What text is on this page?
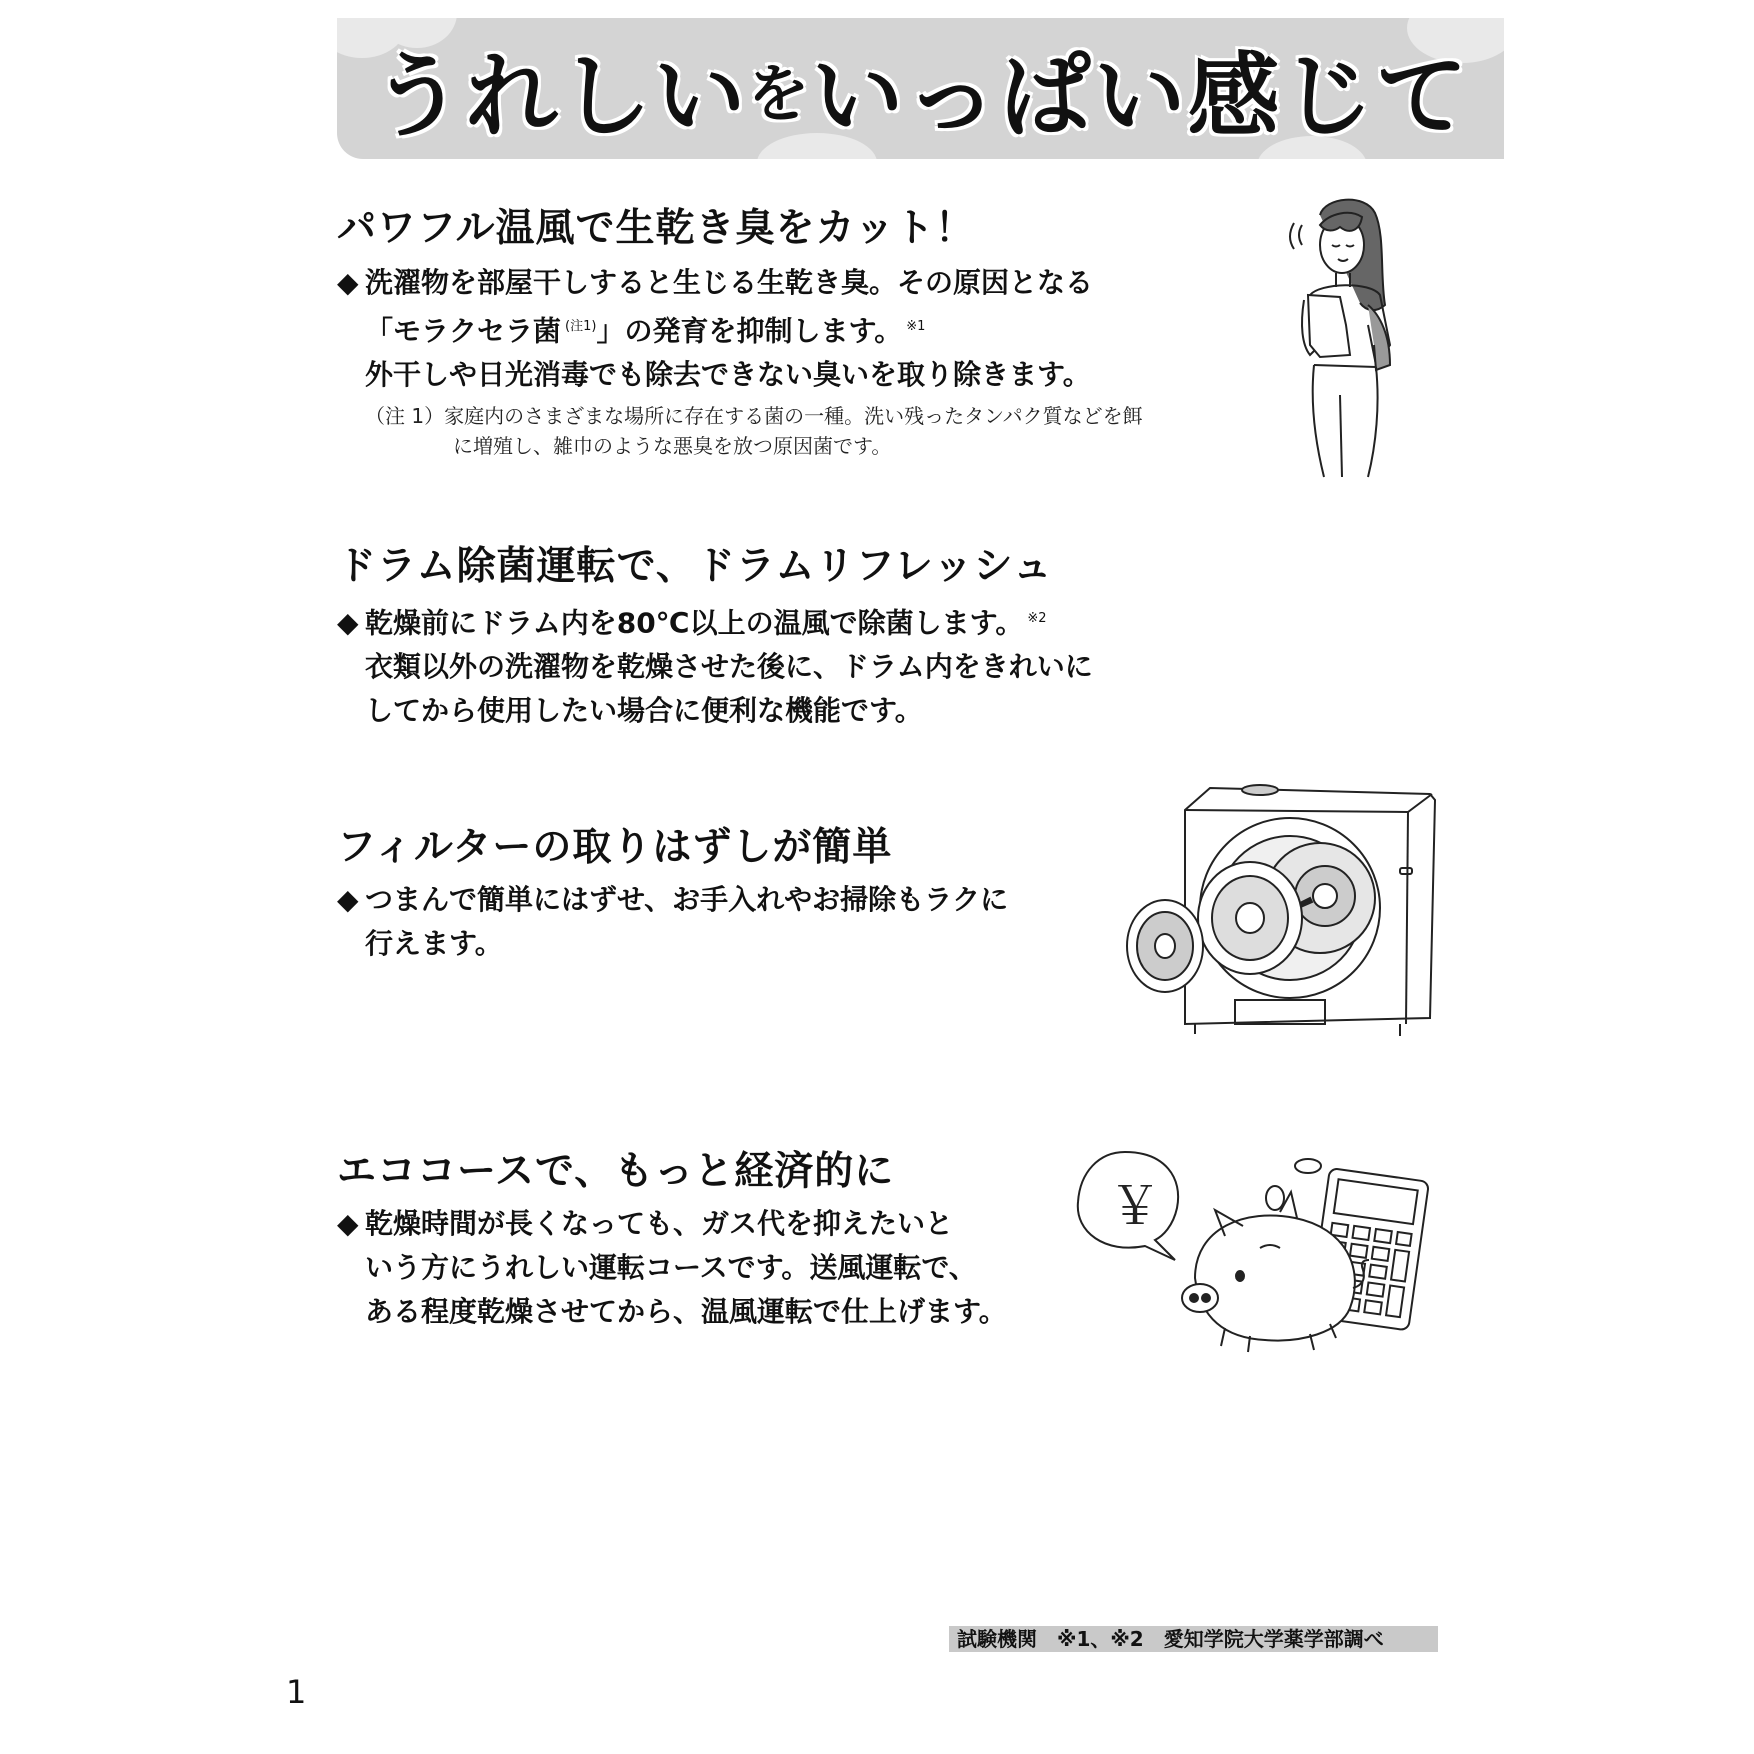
うれしい を いっぱい感じて
パワフル温風で生乾き臭をカット！
◆ 洗濯物を部屋干しすると生じる生乾き臭。その原因となる
「モラクセラ菌 $^{(注1)}$」の発育を抑制します。 $^{※1}$
外干しや日光消毒でも除去できない臭いを取り除きます。
（注 1）家庭内のさまざまな場所に存在する菌の一種。洗い残ったタンパク質などを餌
に増殖し、雑巾のような悪臭を放つ原因菌です。
ドラム除菌運転で、ドラムリフレッシュ
◆ 乾燥前にドラム内を80℃以上の温風で除菌します。 $^{※2}$
衣類以外の洗濯物を乾燥させた後に、ドラム内をきれいに
してから使用したい場合に便利な機能です。
フィルターの取りはずしが簡単
◆ つまんで簡単にはずせ、お手入れやお掃除もラクに
行えます。
エココースで、もっと経済的に
◆ 乾燥時間が長くなっても、ガス代を抑えたいと
いう方にうれしい運転コースです。送風運転で、
ある程度乾燥させてから、温風運転で仕上げます。
￥
試験機関　※1、※2　愛知学院大学薬学部調べ
1
